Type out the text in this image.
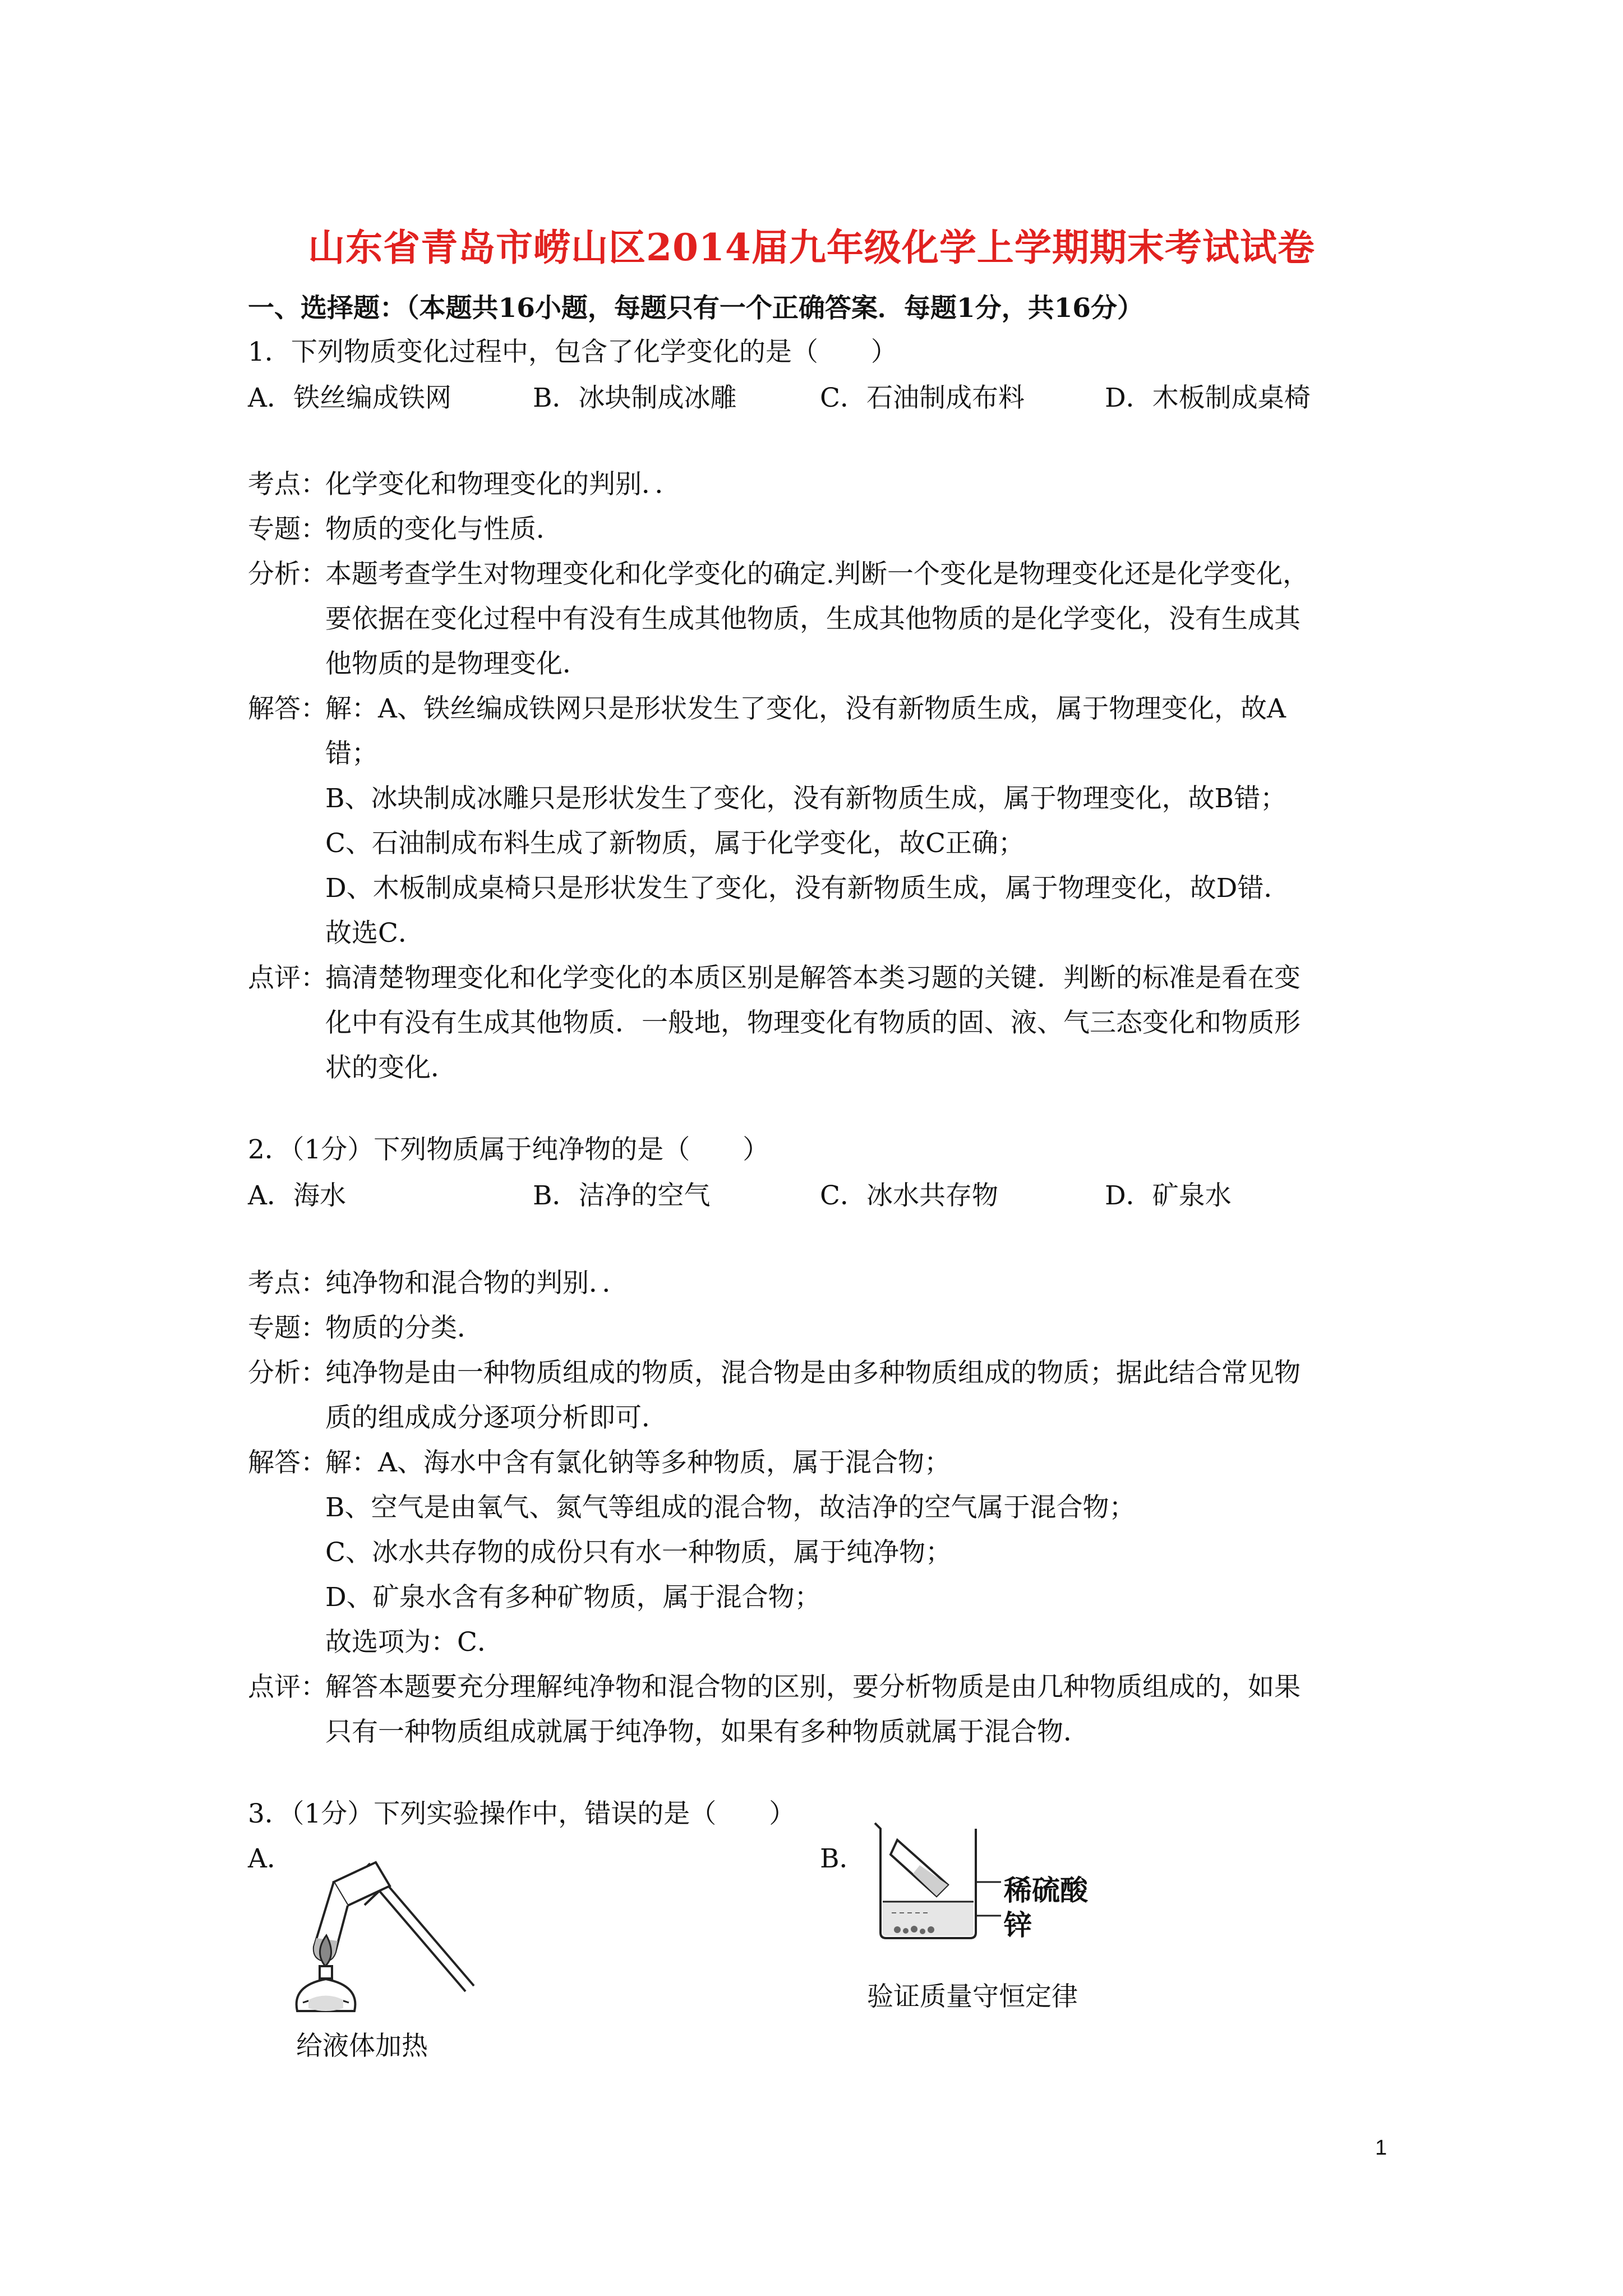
山东省青岛市崂山区2014届九年级化学上学期期末考试试卷
一、选择题：（本题共16小题，每题只有一个正确答案．每题1分，共16分）
1．下列物质变化过程中，包含了化学变化的是（　　）
A．铁丝编成铁网	B．冰块制成冰雕	C．石油制成布料	D．木板制成桌椅
考点：
化学变化和物理变化的判别．．
专题：
物质的变化与性质．
分析：
本题考查学生对物理变化和化学变化的确定.判断一个变化是物理变化还是化学变化，
要依据在变化过程中有没有生成其他物质，生成其他物质的是化学变化，没有生成其
他物质的是物理变化．
解答：
解：A、铁丝编成铁网只是形状发生了变化，没有新物质生成，属于物理变化，故A
错；
B、冰块制成冰雕只是形状发生了变化，没有新物质生成，属于物理变化，故B错；
C、石油制成布料生成了新物质，属于化学变化，故C正确；
D、木板制成桌椅只是形状发生了变化，没有新物质生成，属于物理变化，故D错．
故选C．
点评：
搞清楚物理变化和化学变化的本质区别是解答本类习题的关键．判断的标准是看在变
化中有没有生成其他物质．一般地，物理变化有物质的固、液、气三态变化和物质形
状的变化．
2．（1分）下列物质属于纯净物的是（　　）
A．海水	B．洁净的空气	C．冰水共存物	D．矿泉水
考点：
纯净物和混合物的判别．．
专题：
物质的分类．
分析：
纯净物是由一种物质组成的物质，混合物是由多种物质组成的物质；据此结合常见物
质的组成成分逐项分析即可．
解答：
解：A、海水中含有氯化钠等多种物质，属于混合物；
B、空气是由氧气、氮气等组成的混合物，故洁净的空气属于混合物；
C、冰水共存物的成份只有水一种物质，属于纯净物；
D、矿泉水含有多种矿物质，属于混合物；
故选项为：C．
点评：
解答本题要充分理解纯净物和混合物的区别，要分析物质是由几种物质组成的，如果
只有一种物质组成就属于纯净物，如果有多种物质就属于混合物．
3．（1分）下列实验操作中，错误的是（　　）
A．	B．
给液体加热
稀硫酸
锌
验证质量守恒定律
1
